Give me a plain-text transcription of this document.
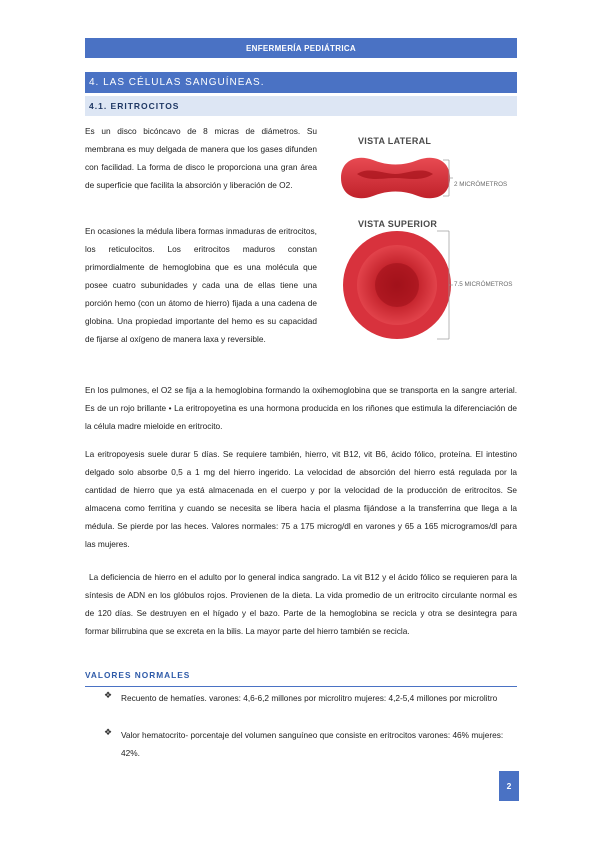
ENFERMERÍA PEDIÁTRICA
4. LAS CÉLULAS SANGUÍNEAS.
4.1. ERITROCITOS

Es un disco bicóncavo de 8 micras de diámetros. Su membrana es muy delgada de manera que los gases difunden con facilidad. La forma de disco le proporciona una gran área de superficie que facilita la absorción y liberación de O2.

En ocasiones la médula libera formas inmaduras de eritrocitos, los reticulocitos. Los eritrocitos maduros constan primordialmente de hemoglobina que es una molécula que posee cuatro subunidades y cada una de ellas tiene una porción hemo (con un átomo de hierro) fijada a una cadena de globina. Una propiedad importante del hemo es su capacidad de fijarse al oxígeno de manera laxa y reversible.

VISTA LATERAL
VISTA SUPERIOR
2 MICRÓMETROS
7.5 MICRÓMETROS

En los pulmones, el O2 se fija a la hemoglobina formando la oxihemoglobina que se transporta en la sangre arterial. Es de un rojo brillante • La eritropoyetina es una hormona producida en los riñones que estimula la diferenciación de la célula madre mieloide en eritrocito.

La eritropoyesis suele durar 5 días. Se requiere también, hierro, vit B12, vit B6, ácido fólico, proteína. El intestino delgado solo absorbe 0,5 a 1 mg del hierro ingerido. La velocidad de absorción del hierro está regulada por la cantidad de hierro que ya está almacenada en el cuerpo y por la velocidad de la producción de eritrocitos. Se almacena como ferritina y cuando se necesita se libera hacia el plasma fijándose a la transferrina que llega a la médula. Se pierde por las heces. Valores normales: 75 a 175 microg/dl en varones y 65 a 165 microgramos/dl para las mujeres.

La deficiencia de hierro en el adulto por lo general indica sangrado. La vit B12 y el ácido fólico se requieren para la síntesis de ADN en los glóbulos rojos. Provienen de la dieta. La vida promedio de un eritrocito circulante normal es de 120 días. Se destruyen en el hígado y el bazo. Parte de la hemoglobina se recicla y otra se desintegra para formar bilirrubina que se excreta en la bilis. La mayor parte del hierro también se recicla.

VALORES NORMALES
❖ Recuento de hematíes. varones: 4,6-6,2 millones por microlitro mujeres: 4,2-5,4 millones por microlitro
❖ Valor hematocrito- porcentaje del volumen sanguíneo que consiste en eritrocitos varones: 46% mujeres: 42%.
2
